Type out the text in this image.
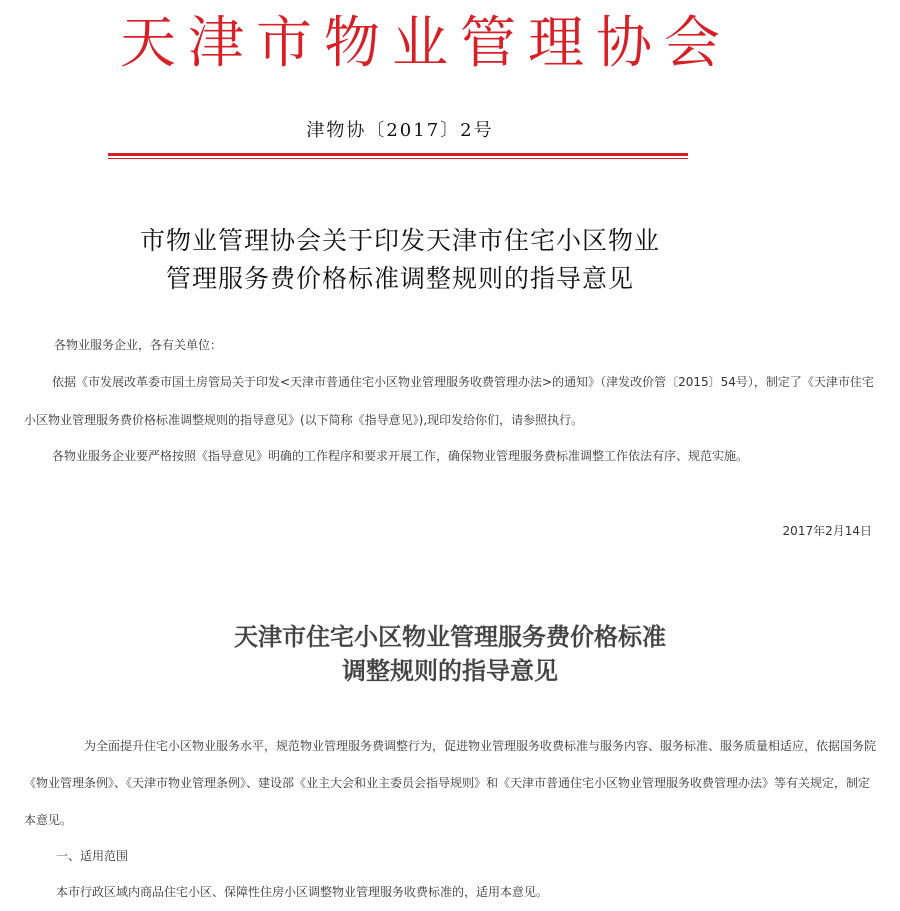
天津市物业管理协会
津物协〔2017〕2号
市物业管理协会关于印发天津市住宅小区物业
管理服务费价格标准调整规则的指导意见
各物业服务企业，各有关单位：
依据《市发展改革委市国土房管局关于印发<天津市普通住宅小区物业管理服务收费管理办法>的通知》（津发改价管〔2015〕54号），制定了《天津市住宅小区物业管理服务费价格标准调整规则的指导意见》(以下简称《指导意见》),现印发给你们，请参照执行。
各物业服务企业要严格按照《指导意见》明确的工作程序和要求开展工作，确保物业管理服务费标准调整工作依法有序、规范实施。
2017年2月14日
天津市住宅小区物业管理服务费价格标准
调整规则的指导意见
为全面提升住宅小区物业服务水平，规范物业管理服务费调整行为，促进物业管理服务收费标准与服务内容、服务标准、服务质量相适应，依据国务院《物业管理条例》、《天津市物业管理条例》、建设部《业主大会和业主委员会指导规则》和《天津市普通住宅小区物业管理服务收费管理办法》等有关规定，制定本意见。
一、适用范围
本市行政区域内商品住宅小区、保障性住房小区调整物业管理服务收费标准的，适用本意见。
